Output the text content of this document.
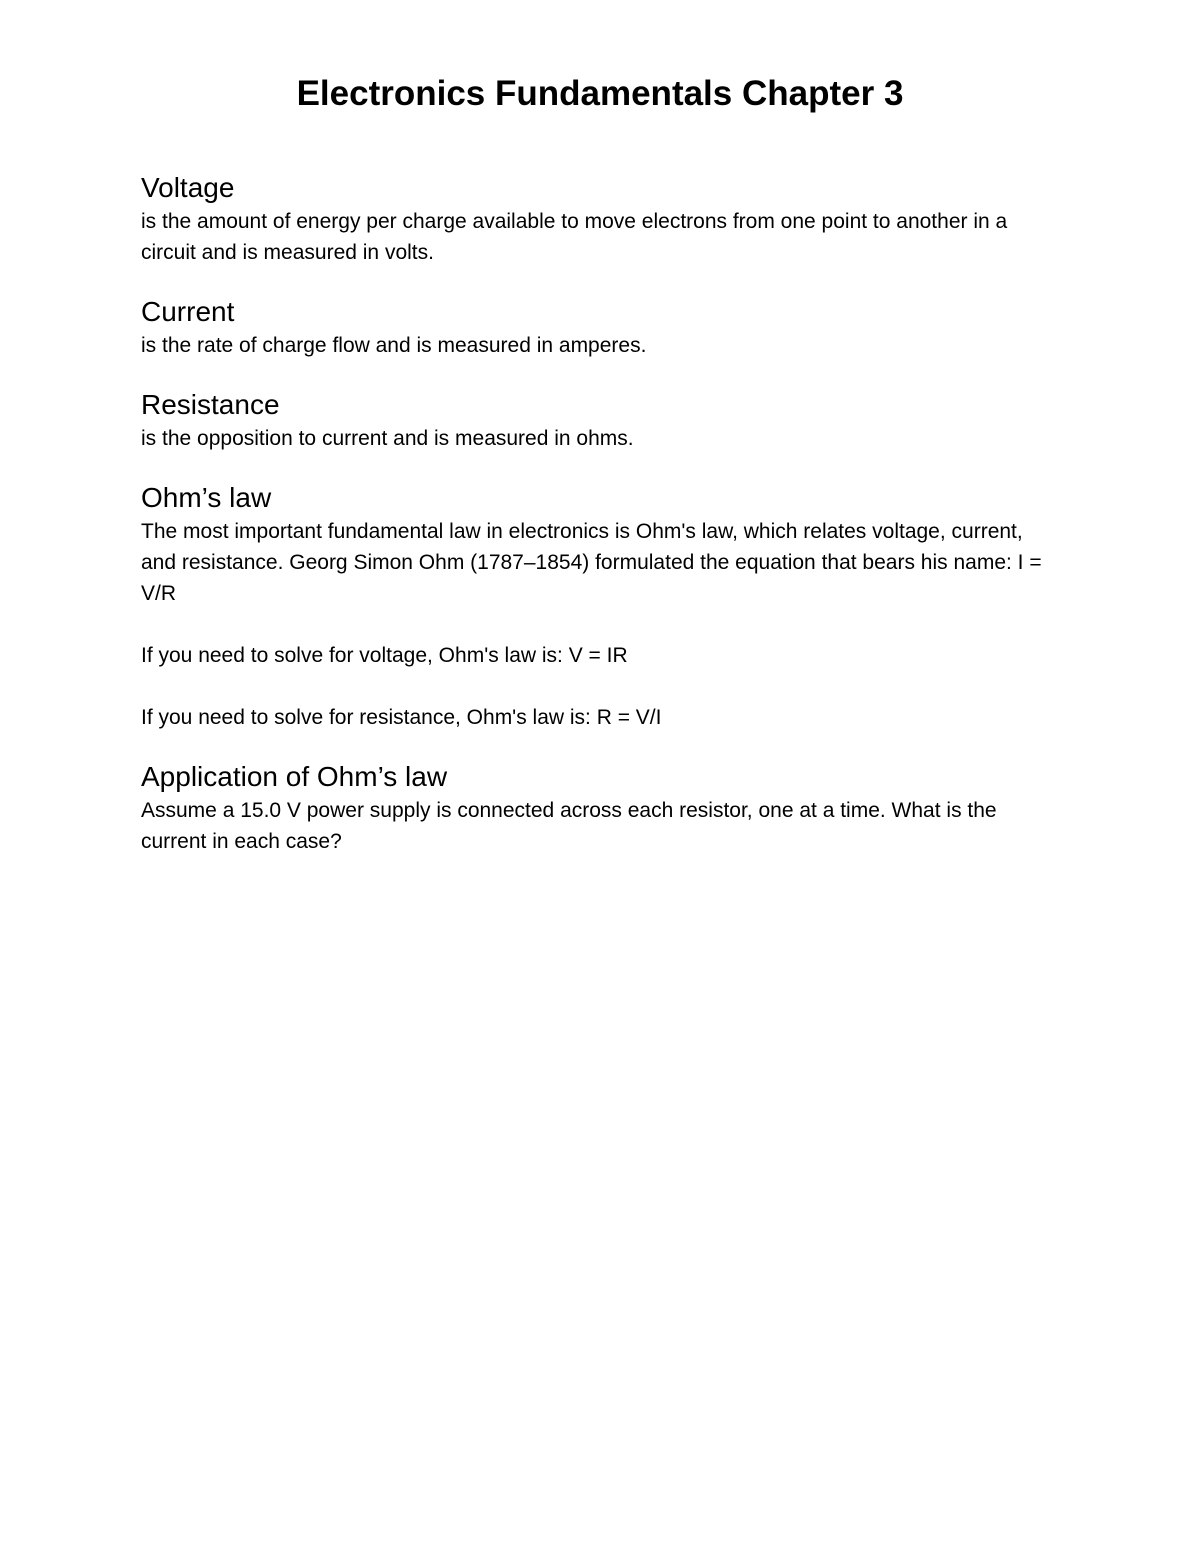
Electronics Fundamentals Chapter 3
Voltage

is the amount of energy per charge available to move electrons from one point to another in a circuit and is measured in volts.

Current

is the rate of charge flow and is measured in amperes.

Resistance

is the opposition to current and is measured in ohms.

Ohm’s law

The most important fundamental law in electronics is Ohm's law, which relates voltage, current, and resistance. Georg Simon Ohm (1787–1854) formulated the equation that bears his name: I = V/R

If you need to solve for voltage, Ohm's law is: V = IR

If you need to solve for resistance, Ohm's law is: R = V/I

Application of Ohm’s law

Assume a 15.0 V power supply is connected across each resistor, one at a time. What is the current in each case?
